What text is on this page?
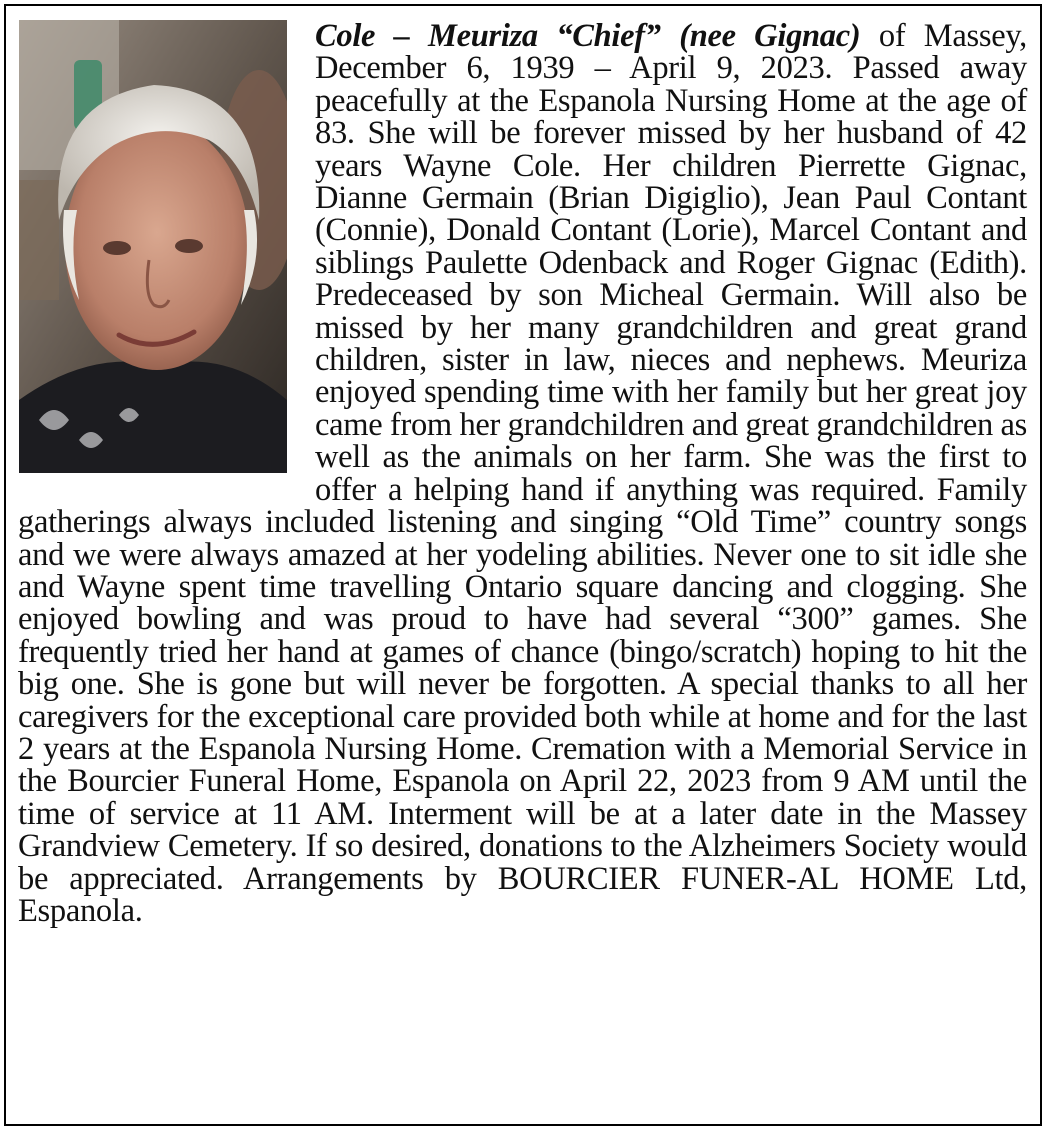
Cole – Meuriza “Chief” (nee Gignac) of Massey, December 6, 1939 – April 9, 2023. Passed away peacefully at the Espanola Nursing Home at the age of 83. She will be forever missed by her husband of 42 years Wayne Cole. Her children Pierrette Gignac, Dianne Germain (Brian Digiglio), Jean Paul Contant (Connie), Donald Contant (Lorie), Marcel Contant and siblings Paulette Odenback and Roger Gignac (Edith). Predeceased by son Micheal Germain. Will also be missed by her many grandchildren and great grand children, sister in law, nieces and nephews. Meuriza enjoyed spending time with her family but her great joy came from her grandchildren and great grandchildren as well as the animals on her farm. She was the first to offer a helping hand if anything was required. Family gatherings always included listening and singing “Old Time” country songs and we were always amazed at her yodeling abilities. Never one to sit idle she and Wayne spent time travelling Ontario square dancing and clogging. She enjoyed bowling and was proud to have had several “300” games. She frequently tried her hand at games of chance (bingo/scratch) hoping to hit the big one. She is gone but will never be forgotten. A special thanks to all her caregivers for the exceptional care provided both while at home and for the last 2 years at the Espanola Nursing Home. Cremation with a Memorial Service in the Bourcier Funeral Home, Espanola on April 22, 2023 from 9 AM until the time of service at 11 AM. Interment will be at a later date in the Massey Grandview Cemetery. If so desired, donations to the Alzheimers Society would be appreciated. Arrangements by BOURCIER FUNER-AL HOME Ltd, Espanola.
